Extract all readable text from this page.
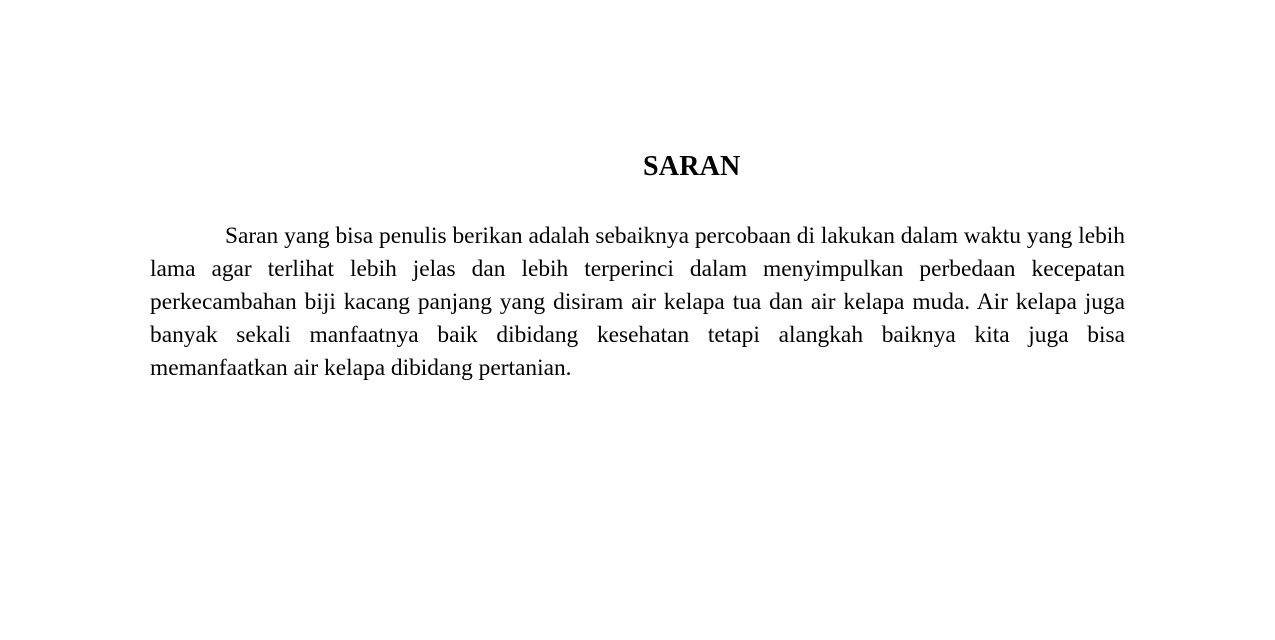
SARAN

Saran yang bisa penulis berikan adalah sebaiknya percobaan di lakukan dalam waktu yang lebih lama agar terlihat lebih jelas dan lebih terperinci dalam menyimpulkan perbedaan kecepatan perkecambahan biji kacang panjang yang disiram air kelapa tua dan air kelapa muda. Air kelapa juga banyak sekali manfaatnya baik dibidang kesehatan tetapi alangkah baiknya kita juga bisa memanfaatkan air kelapa dibidang pertanian.
